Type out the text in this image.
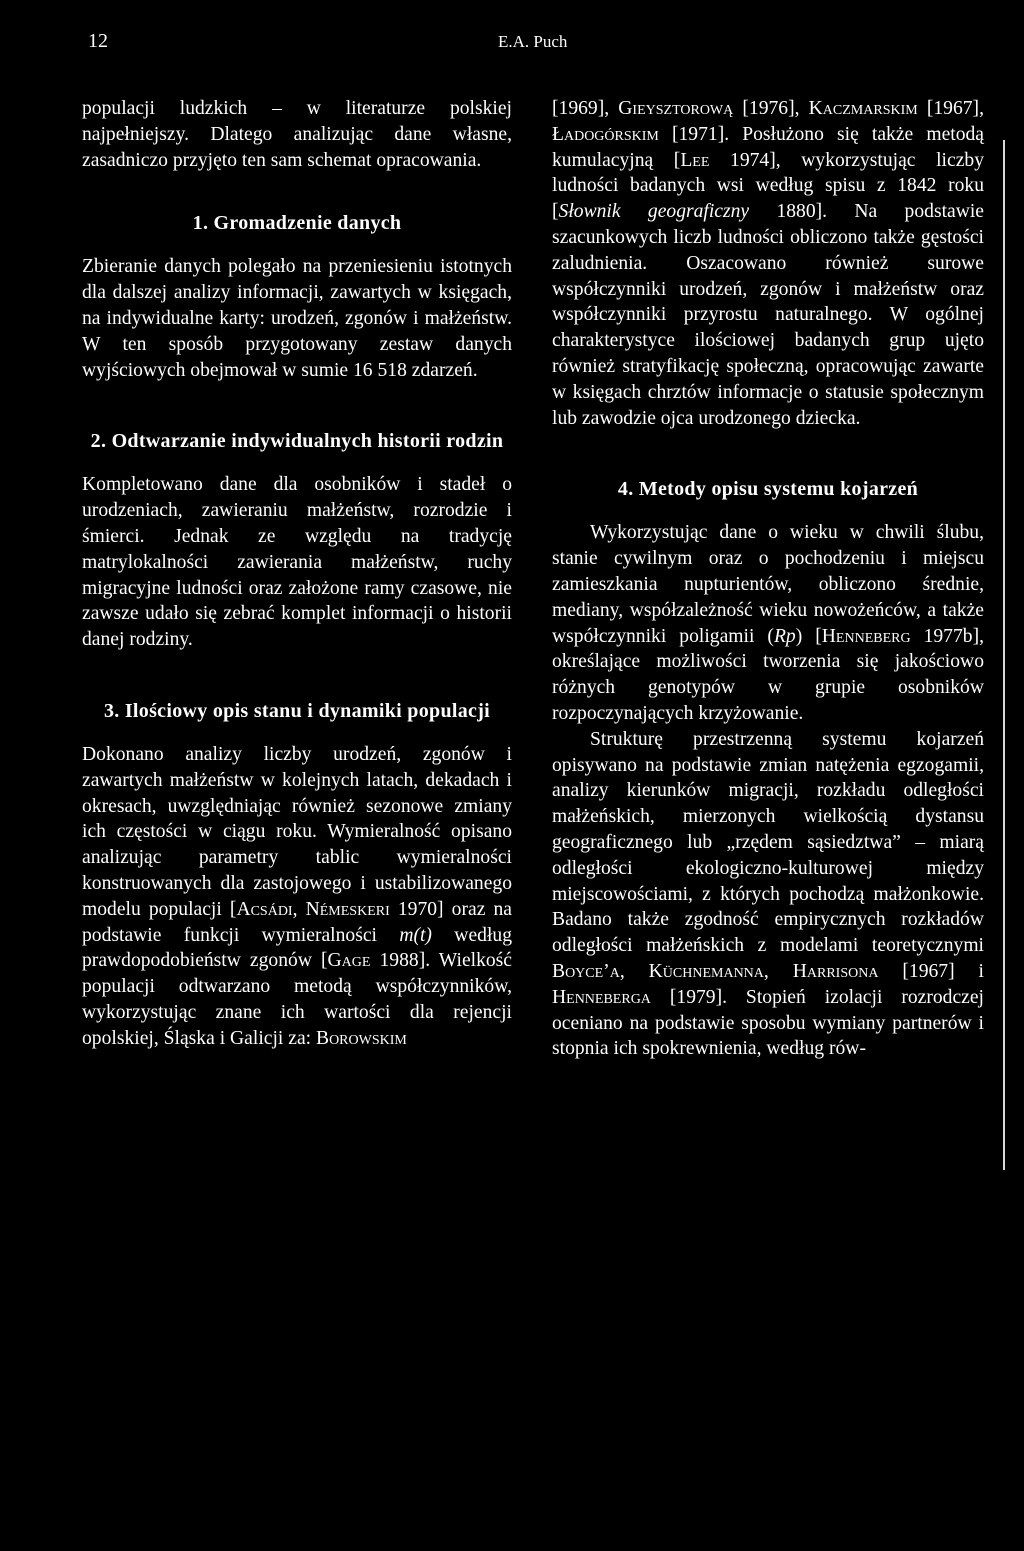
12	E.A. Puch

populacji ludzkich – w literaturze polskiej najpełniejszy. Dlatego analizując dane własne, zasadniczo przyjęto ten sam schemat opracowania.

1. Gromadzenie danych

Zbieranie danych polegało na przeniesieniu istotnych dla dalszej analizy informacji, zawartych w księgach, na indywidualne karty: urodzeń, zgonów i małżeństw. W ten sposób przygotowany zestaw danych wyjściowych obejmował w sumie 16 518 zdarzeń.

2. Odtwarzanie indywidualnych historii rodzin

Kompletowano dane dla osobników i stadeł o urodzeniach, zawieraniu małżeństw, rozrodzie i śmierci. Jednak ze względu na tradycję matrylokalności zawierania małżeństw, ruchy migracyjne ludności oraz założone ramy czasowe, nie zawsze udało się zebrać komplet informacji o historii danej rodziny.

3. Ilościowy opis stanu i dynamiki populacji

Dokonano analizy liczby urodzeń, zgonów i zawartych małżeństw w kolejnych latach, dekadach i okresach, uwzględniając również sezonowe zmiany ich częstości w ciągu roku. Wymieralność opisano analizując parametry tablic wymieralności konstruowanych dla zastojowego i ustabilizowanego modelu populacji [Acsádi, Némeskeri 1970] oraz na podstawie funkcji wymieralności m(t) według prawdopodobieństw zgonów [Gage 1988]. Wielkość populacji odtwarzano metodą współczynników, wykorzystując znane ich wartości dla rejencji opolskiej, Śląska i Galicji za: Borowskim

[1969], Gieysztorową [1976], Kaczmarskim [1967], Ładogórskim [1971]. Posłużono się także metodą kumulacyjną [Lee 1974], wykorzystując liczby ludności badanych wsi według spisu z 1842 roku [Słownik geograficzny 1880]. Na podstawie szacunkowych liczb ludności obliczono także gęstości zaludnienia. Oszacowano również surowe współczynniki urodzeń, zgonów i małżeństw oraz współczynniki przyrostu naturalnego. W ogólnej charakterystyce ilościowej badanych grup ujęto również stratyfikację społeczną, opracowując zawarte w księgach chrztów informacje o statusie społecznym lub zawodzie ojca urodzonego dziecka.

4. Metody opisu systemu kojarzeń

Wykorzystując dane o wieku w chwili ślubu, stanie cywilnym oraz o pochodzeniu i miejscu zamieszkania nupturientów, obliczono średnie, mediany, współzależność wieku nowożeńców, a także współczynniki poligamii (Rp) [Henneberg 1977b], określające możliwości tworzenia się jakościowo różnych genotypów w grupie osobników rozpoczynających krzyżowanie.

Strukturę przestrzenną systemu kojarzeń opisywano na podstawie zmian natężenia egzogamii, analizy kierunków migracji, rozkładu odległości małżeńskich, mierzonych wielkością dystansu geograficznego lub „rzędem sąsiedztwa” – miarą odległości ekologiczno-kulturowej między miejscowościami, z których pochodzą małżonkowie. Badano także zgodność empirycznych rozkładów odległości małżeńskich z modelami teoretycznymi Boyce’a, Küchnemanna, Harrisona [1967] i Henneberga [1979]. Stopień izolacji rozrodczej oceniano na podstawie sposobu wymiany partnerów i stopnia ich spokrewnienia, według rów-
